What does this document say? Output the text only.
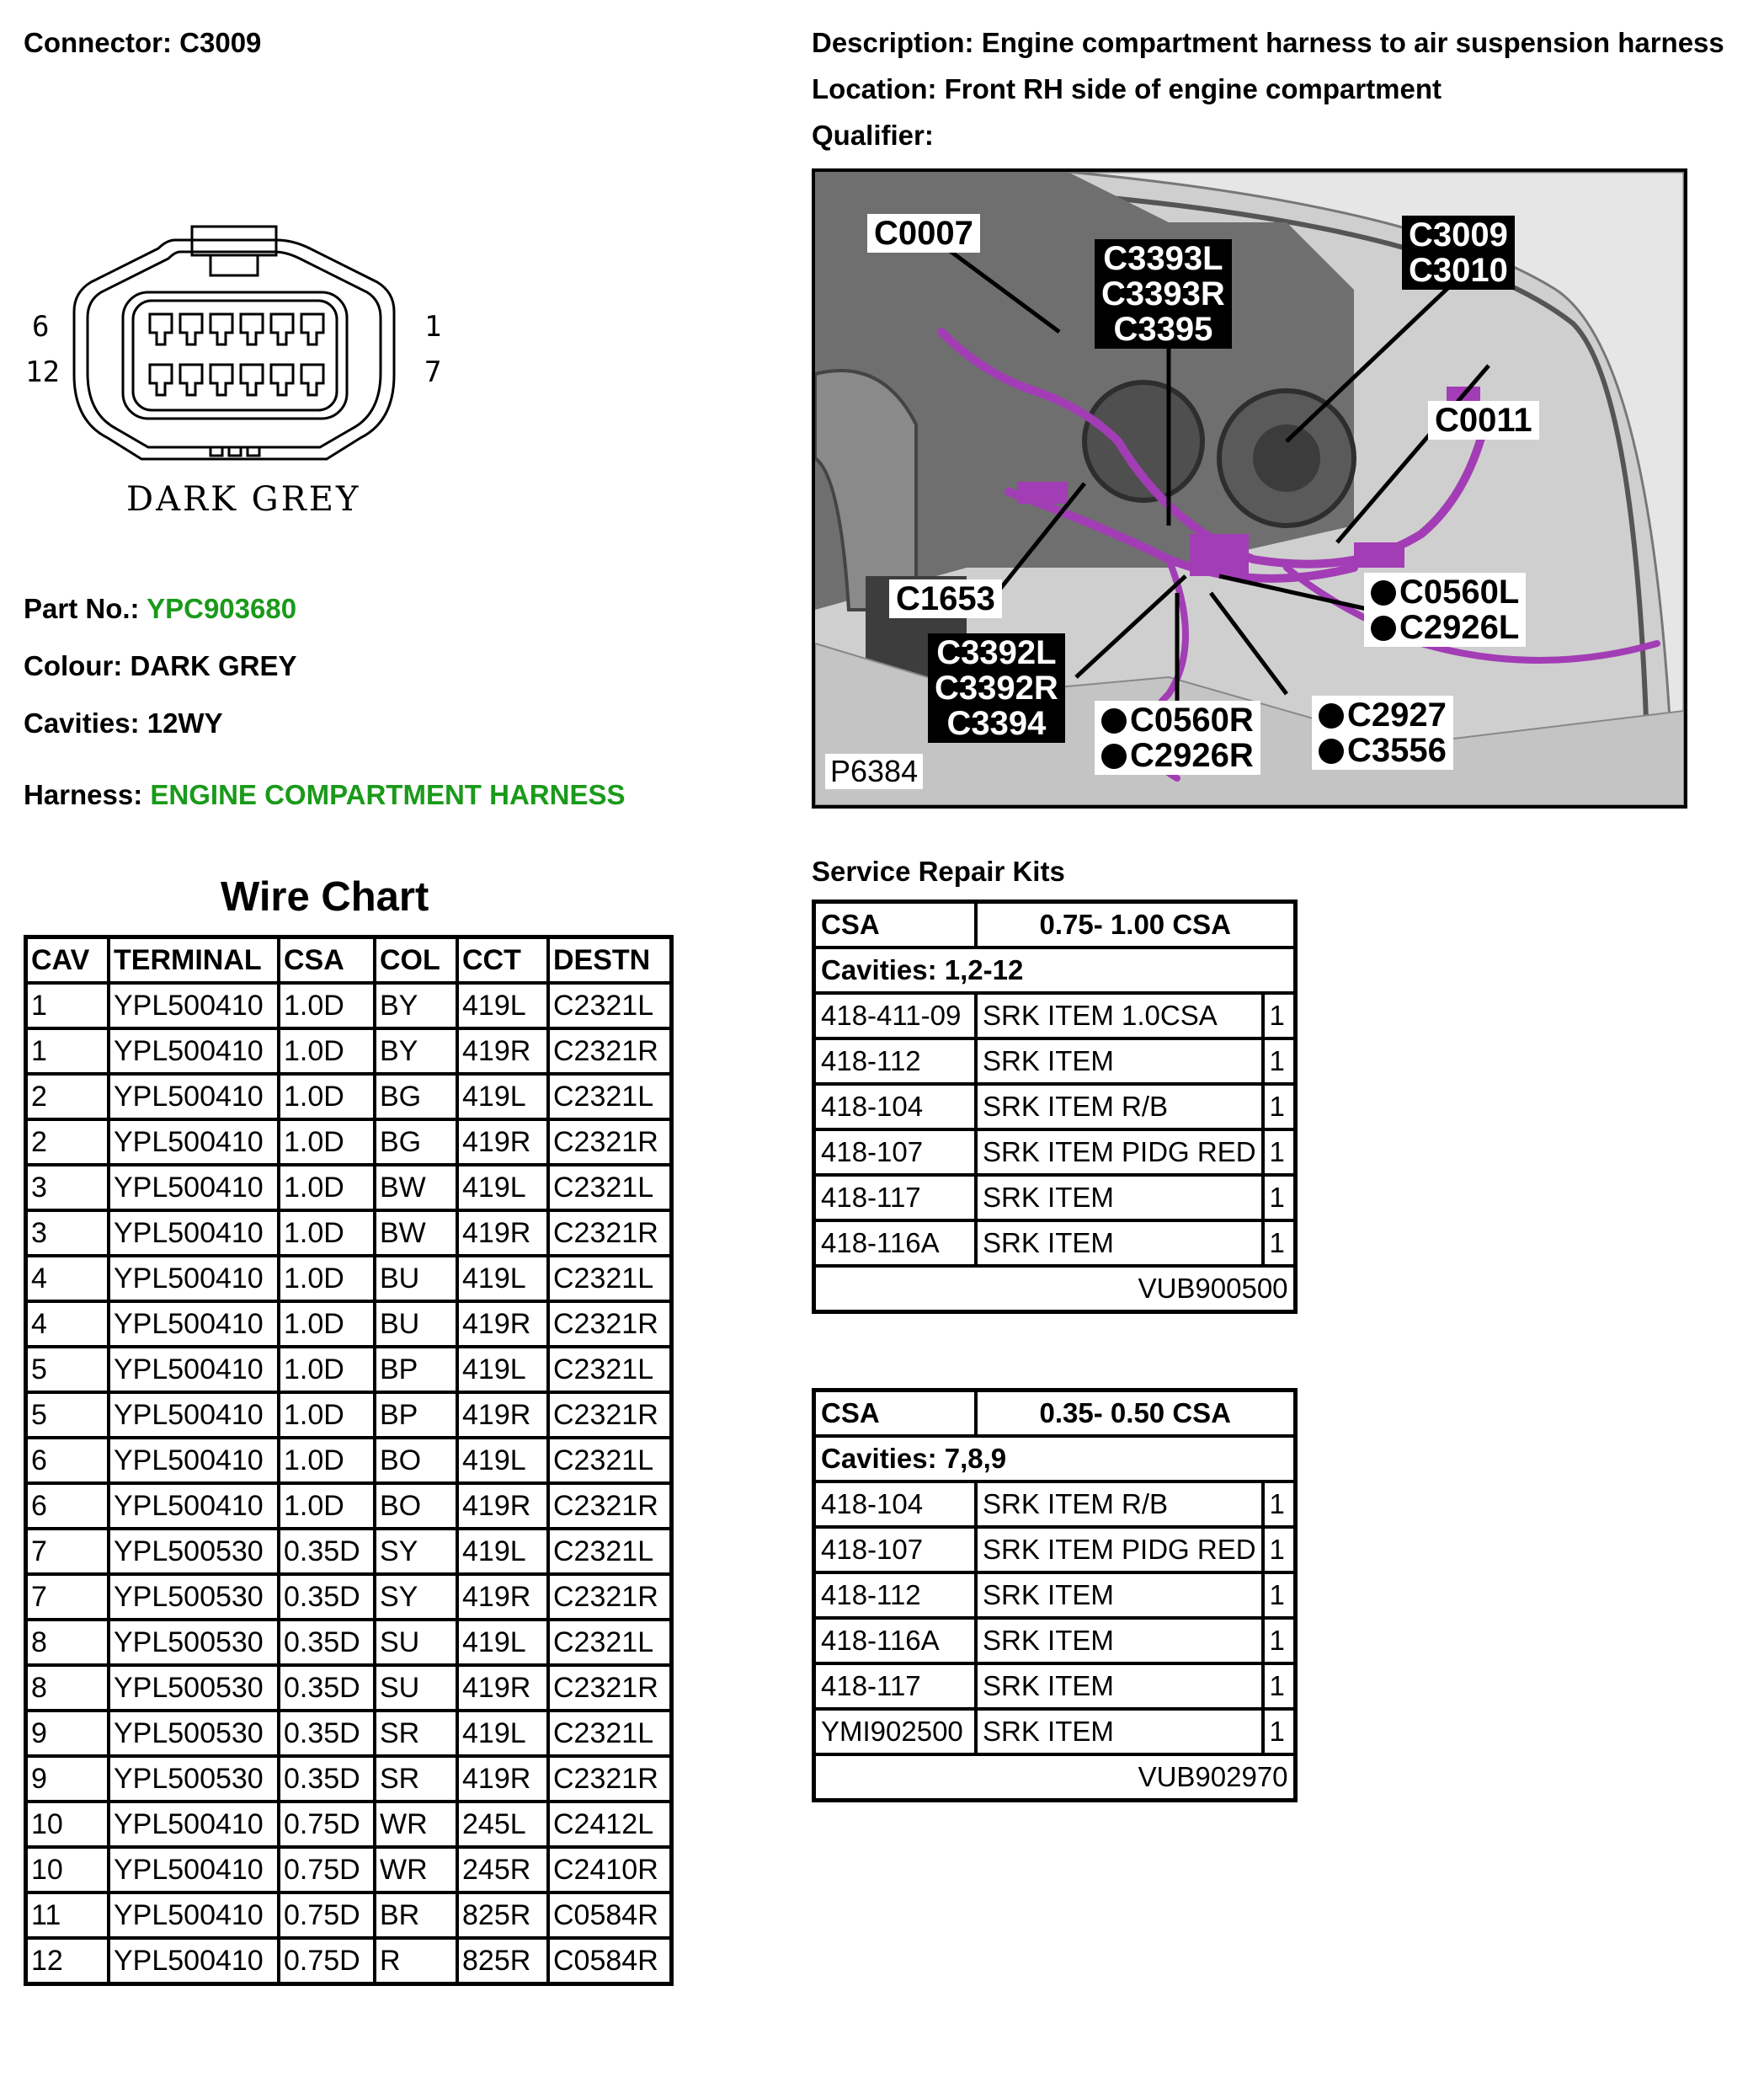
Connector: C3009	Description: Engine compartment harness to air suspension harness
Location: Front RH side of engine compartment
Qualifier:
6
12
1
7
DARK GREY
Part No.: YPC903680
Colour: DARK GREY
Cavities: 12WY
Harness: ENGINE COMPARTMENT HARNESS
Wire Chart
CAV	TERMINAL	CSA	COL	CCT	DESTN
1	YPL500410	1.0D	BY	419L	C2321L
1	YPL500410	1.0D	BY	419R	C2321R
2	YPL500410	1.0D	BG	419L	C2321L
2	YPL500410	1.0D	BG	419R	C2321R
3	YPL500410	1.0D	BW	419L	C2321L
3	YPL500410	1.0D	BW	419R	C2321R
4	YPL500410	1.0D	BU	419L	C2321L
4	YPL500410	1.0D	BU	419R	C2321R
5	YPL500410	1.0D	BP	419L	C2321L
5	YPL500410	1.0D	BP	419R	C2321R
6	YPL500410	1.0D	BO	419L	C2321L
6	YPL500410	1.0D	BO	419R	C2321R
7	YPL500530	0.35D	SY	419L	C2321L
7	YPL500530	0.35D	SY	419R	C2321R
8	YPL500530	0.35D	SU	419L	C2321L
8	YPL500530	0.35D	SU	419R	C2321R
9	YPL500530	0.35D	SR	419L	C2321L
9	YPL500530	0.35D	SR	419R	C2321R
10	YPL500410	0.75D	WR	245L	C2412L
10	YPL500410	0.75D	WR	245R	C2410R
11	YPL500410	0.75D	BR	825R	C0584R
12	YPL500410	0.75D	R	825R	C0584R
C0007
C3393L
C3393R
C3395
C3009
C3010
C0011
C1653	C0560L
C2926L
C3392L
C3392R
C3394	C0560R
C2926R
C2927
C3556
P6384
Service Repair Kits
CSA	0.75- 1.00 CSA	
Cavities: 1,2-12		
418-411-09	SRK ITEM 1.0CSA	1
418-112	SRK ITEM	1
418-104	SRK ITEM R/B	1
418-107	SRK ITEM PIDG RED	1
418-117	SRK ITEM	1
418-116A	SRK ITEM	1
VUB900500		
CSA	0.35- 0.50 CSA	
Cavities: 7,8,9		
418-104	SRK ITEM R/B	1
418-107	SRK ITEM PIDG RED	1
418-112	SRK ITEM	1
418-116A	SRK ITEM	1
418-117	SRK ITEM	1
YMI902500	SRK ITEM	1
VUB902970		
